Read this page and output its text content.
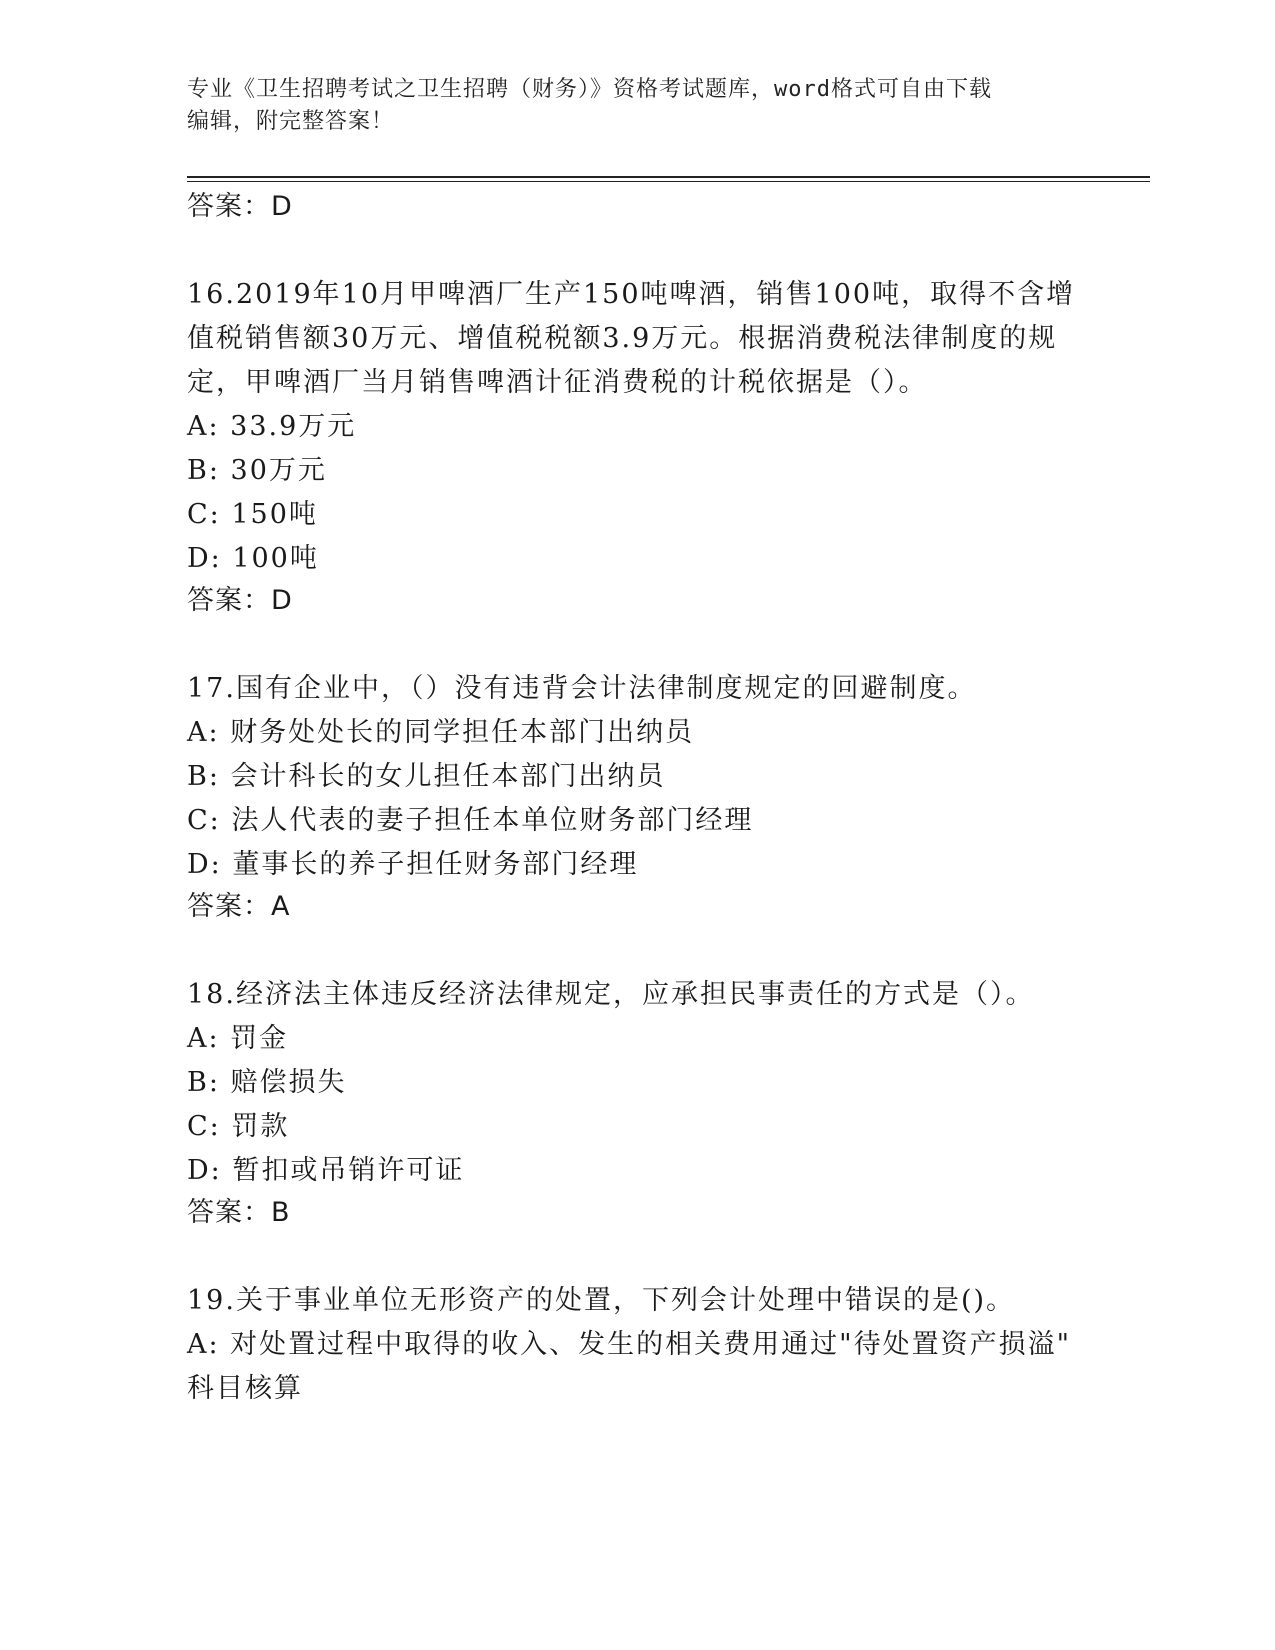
专业《卫生招聘考试之卫生招聘（财务）》资格考试题库，word格式可自由下载
编辑，附完整答案！
答案：D
16.2019年10月甲啤酒厂生产150吨啤酒，销售100吨，取得不含增
值税销售额30万元、增值税税额3.9万元。根据消费税法律制度的规
定，甲啤酒厂当月销售啤酒计征消费税的计税依据是（）。
A: 33.9万元
B: 30万元
C: 150吨
D: 100吨
答案：D
17.国有企业中，（）没有违背会计法律制度规定的回避制度。
A: 财务处处长的同学担任本部门出纳员
B: 会计科长的女儿担任本部门出纳员
C: 法人代表的妻子担任本单位财务部门经理
D: 董事长的养子担任财务部门经理
答案：A
18.经济法主体违反经济法律规定，应承担民事责任的方式是（）。
A: 罚金
B: 赔偿损失
C: 罚款
D: 暂扣或吊销许可证
答案：B
19.关于事业单位无形资产的处置，下列会计处理中错误的是()。
A: 对处置过程中取得的收入、发生的相关费用通过"待处置资产损溢"
科目核算
